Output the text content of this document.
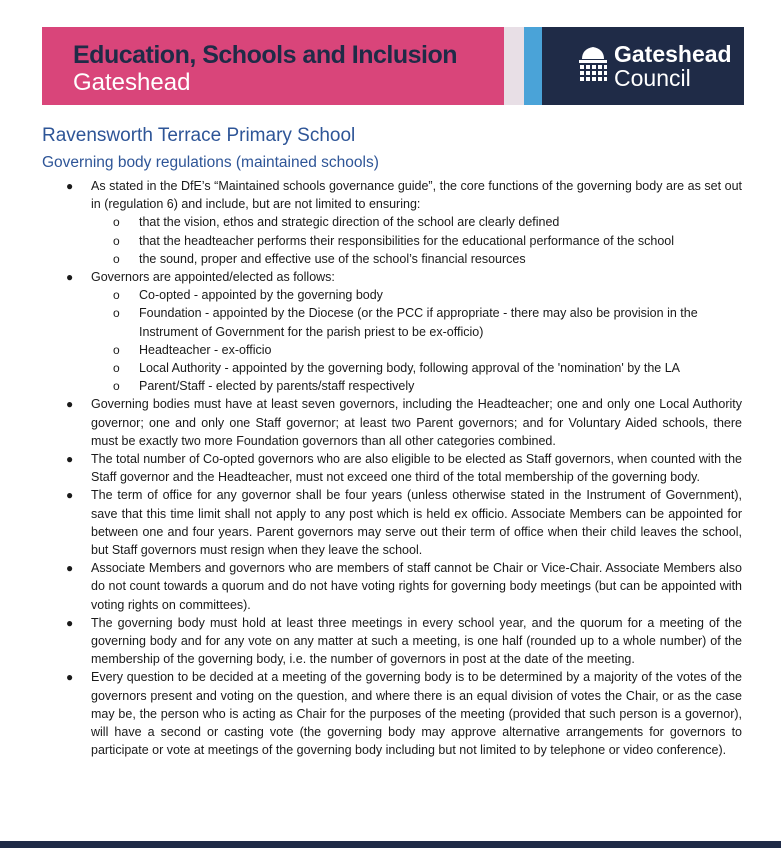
Education, Schools and Inclusion
Gateshead
Gateshead
Council
Ravensworth Terrace Primary School
Governing body regulations (maintained schools)
● As stated in the DfE’s “Maintained schools governance guide”, the core functions of the governing body are as set out in (regulation 6) and include, but are not limited to ensuring:
o that the vision, ethos and strategic direction of the school are clearly defined
o that the headteacher performs their responsibilities for the educational performance of the school
o the sound, proper and effective use of the school’s financial resources
● Governors are appointed/elected as follows:
o Co-opted - appointed by the governing body
o Foundation - appointed by the Diocese (or the PCC if appropriate - there may also be provision in the Instrument of Government for the parish priest to be ex-officio)
o Headteacher - ex-officio
o Local Authority - appointed by the governing body, following approval of the 'nomination' by the LA
o Parent/Staff - elected by parents/staff respectively
● Governing bodies must have at least seven governors, including the Headteacher; one and only one Local Authority governor; one and only one Staff governor; at least two Parent governors; and for Voluntary Aided schools, there must be exactly two more Foundation governors than all other categories combined.
● The total number of Co-opted governors who are also eligible to be elected as Staff governors, when counted with the Staff governor and the Headteacher, must not exceed one third of the total membership of the governing body.
● The term of office for any governor shall be four years (unless otherwise stated in the Instrument of Government), save that this time limit shall not apply to any post which is held ex officio. Associate Members can be appointed for between one and four years. Parent governors may serve out their term of office when their child leaves the school, but Staff governors must resign when they leave the school.
● Associate Members and governors who are members of staff cannot be Chair or Vice-Chair. Associate Members also do not count towards a quorum and do not have voting rights for governing body meetings (but can be appointed with voting rights on committees).
● The governing body must hold at least three meetings in every school year, and the quorum for a meeting of the governing body and for any vote on any matter at such a meeting, is one half (rounded up to a whole number) of the membership of the governing body, i.e. the number of governors in post at the date of the meeting.
● Every question to be decided at a meeting of the governing body is to be determined by a majority of the votes of the governors present and voting on the question, and where there is an equal division of votes the Chair, or as the case may be, the person who is acting as Chair for the purposes of the meeting (provided that such person is a governor), will have a second or casting vote (the governing body may approve alternative arrangements for governors to participate or vote at meetings of the governing body including but not limited to by telephone or video conference).
